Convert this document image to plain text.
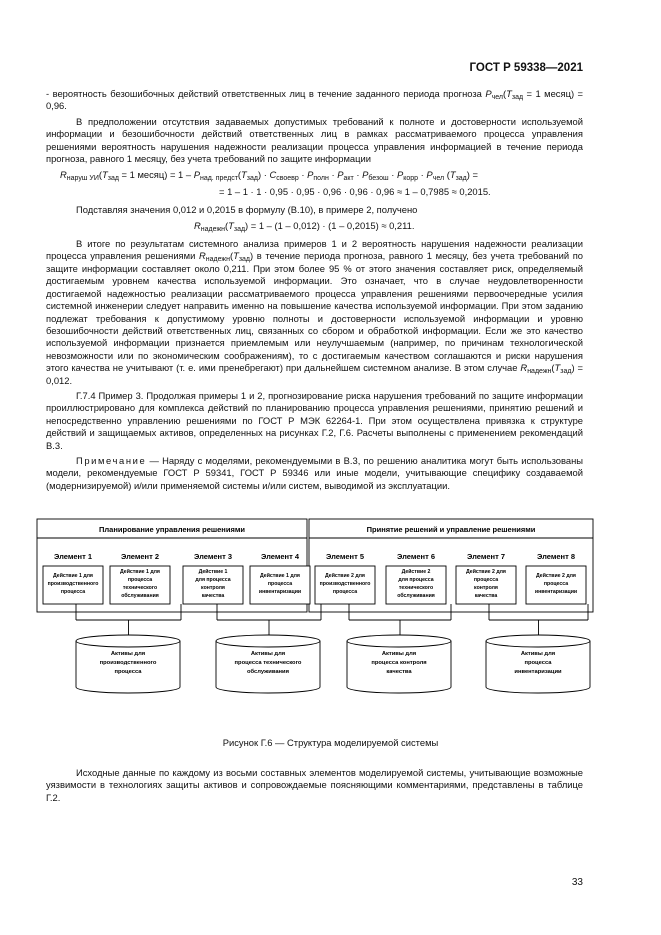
ГОСТ Р 59338—2021

- вероятность безошибочных действий ответственных лиц в течение заданного периода прогноза $P_{чел}(T_{зад} = 1$ месяц) = 0,96.

В предположении отсутствия задаваемых допустимых требований к полноте и достоверности используемой информации и безошибочности действий ответственных лиц в рамках рассматриваемого процесса управления решениями вероятность нарушения надежности реализации процесса управления информацией в течение периода прогноза, равного 1 месяцу, без учета требований по защите информации

$R_{наруш УИ}(T_{зад} = 1$ месяц) = $1 - P_{над. предст}(T_{зад}) \cdot C_{своевр} \cdot P_{полн} \cdot P_{акт} \cdot P_{безош} \cdot P_{корр} \cdot P_{чел}$ $(T_{зад})$ =
= 1 – 1 · 1 · 0,95 · 0,95 · 0,96 · 0,96 · 0,96 ≈ 1 – 0,7985 ≈ 0,2015.

Подставляя значения 0,012 и 0,2015 в формулу (В.10), в примере 2, получено

$R_{надежн}(T_{зад}) = 1 - (1 - 0,012) \cdot (1 - 0,2015) \approx 0,211$.

В итоге по результатам системного анализа примеров 1 и 2 вероятность нарушения надежности реализации процесса управления решениями $R_{надежн}(T_{зад})$ в течение периода прогноза, равного 1 месяцу, без учета требований по защите информации составляет около 0,211. При этом более 95 % от этого значения составляет риск, определяемый достигаемым уровнем качества используемой информации. Это означает, что в случае неудовлетворенности достигаемой надежностью реализации рассматриваемого процесса управления решениями первоочередные усилия системной инженерии следует направить именно на повышение качества используемой информации. При этом заданию подлежат требования к допустимому уровню полноты и достоверности используемой информации и уровню безошибочности действий ответственных лиц, связанных со сбором и обработкой информации. Если же это качество используемой информации признается приемлемым или неулучшаемым (например, по причинам технологической невозможности или по экономическим соображениям), то с достигаемым качеством соглашаются и риски нарушения этого качества не учитывают (т. е. ими пренебрегают) при дальнейшем системном анализе. В этом случае $R_{надежн}(T_{зад}) = 0,012$.

Г.7.4 Пример 3. Продолжая примеры 1 и 2, прогнозирование риска нарушения требований по защите информации проиллюстрировано для комплекса действий по планированию процесса управления решениями, принятию решений и непосредственно управлению решениями по ГОСТ Р МЭК 62264-1. При этом осуществлена привязка к структуре действий и защищаемых активов, определенных на рисунках Г.2, Г.6. Расчеты выполнены с применением рекомендаций В.3.

Примечание — Наряду с моделями, рекомендуемыми в В.3, по решению аналитика могут быть использованы модели, рекомендуемые ГОСТ Р 59341, ГОСТ Р 59346 или иные модели, учитывающие специфику создаваемой (модернизируемой) и/или применяемой системы и/или систем, выводимой из эксплуатации.

Планирование управления решениями	Принятие решений и управление решениями
Элемент 1
Действие 1 для
производственного
процесса
Элемент 2
Действие 1 для
процесса
технического
обслуживания
Элемент 3
Действие 1
для процесса
контроля
качества
Элемент 4
Действие 1 для
процесса
инвентаризации
Элемент 5
Действие 2 для
производственного
процесса
Элемент 6
Действие 2
для процесса
технического
обслуживания
Элемент 7
Действие 2 для
процесса
контроля
качества
Элемент 8
Действие 2 для
процесса
инвентаризации
Активы для
производственного
процесса
Активы для
процесса технического
обслуживания
Активы для
процесса контроля
качества
Активы для
процесса
инвентаризации
Рисунок Г.6 — Структура моделируемой системы

Исходные данные по каждому из восьми составных элементов моделируемой системы, учитывающие возможные уязвимости в технологиях защиты активов и сопровождаемые поясняющими комментариями, представлены в таблице Г.2.

33
